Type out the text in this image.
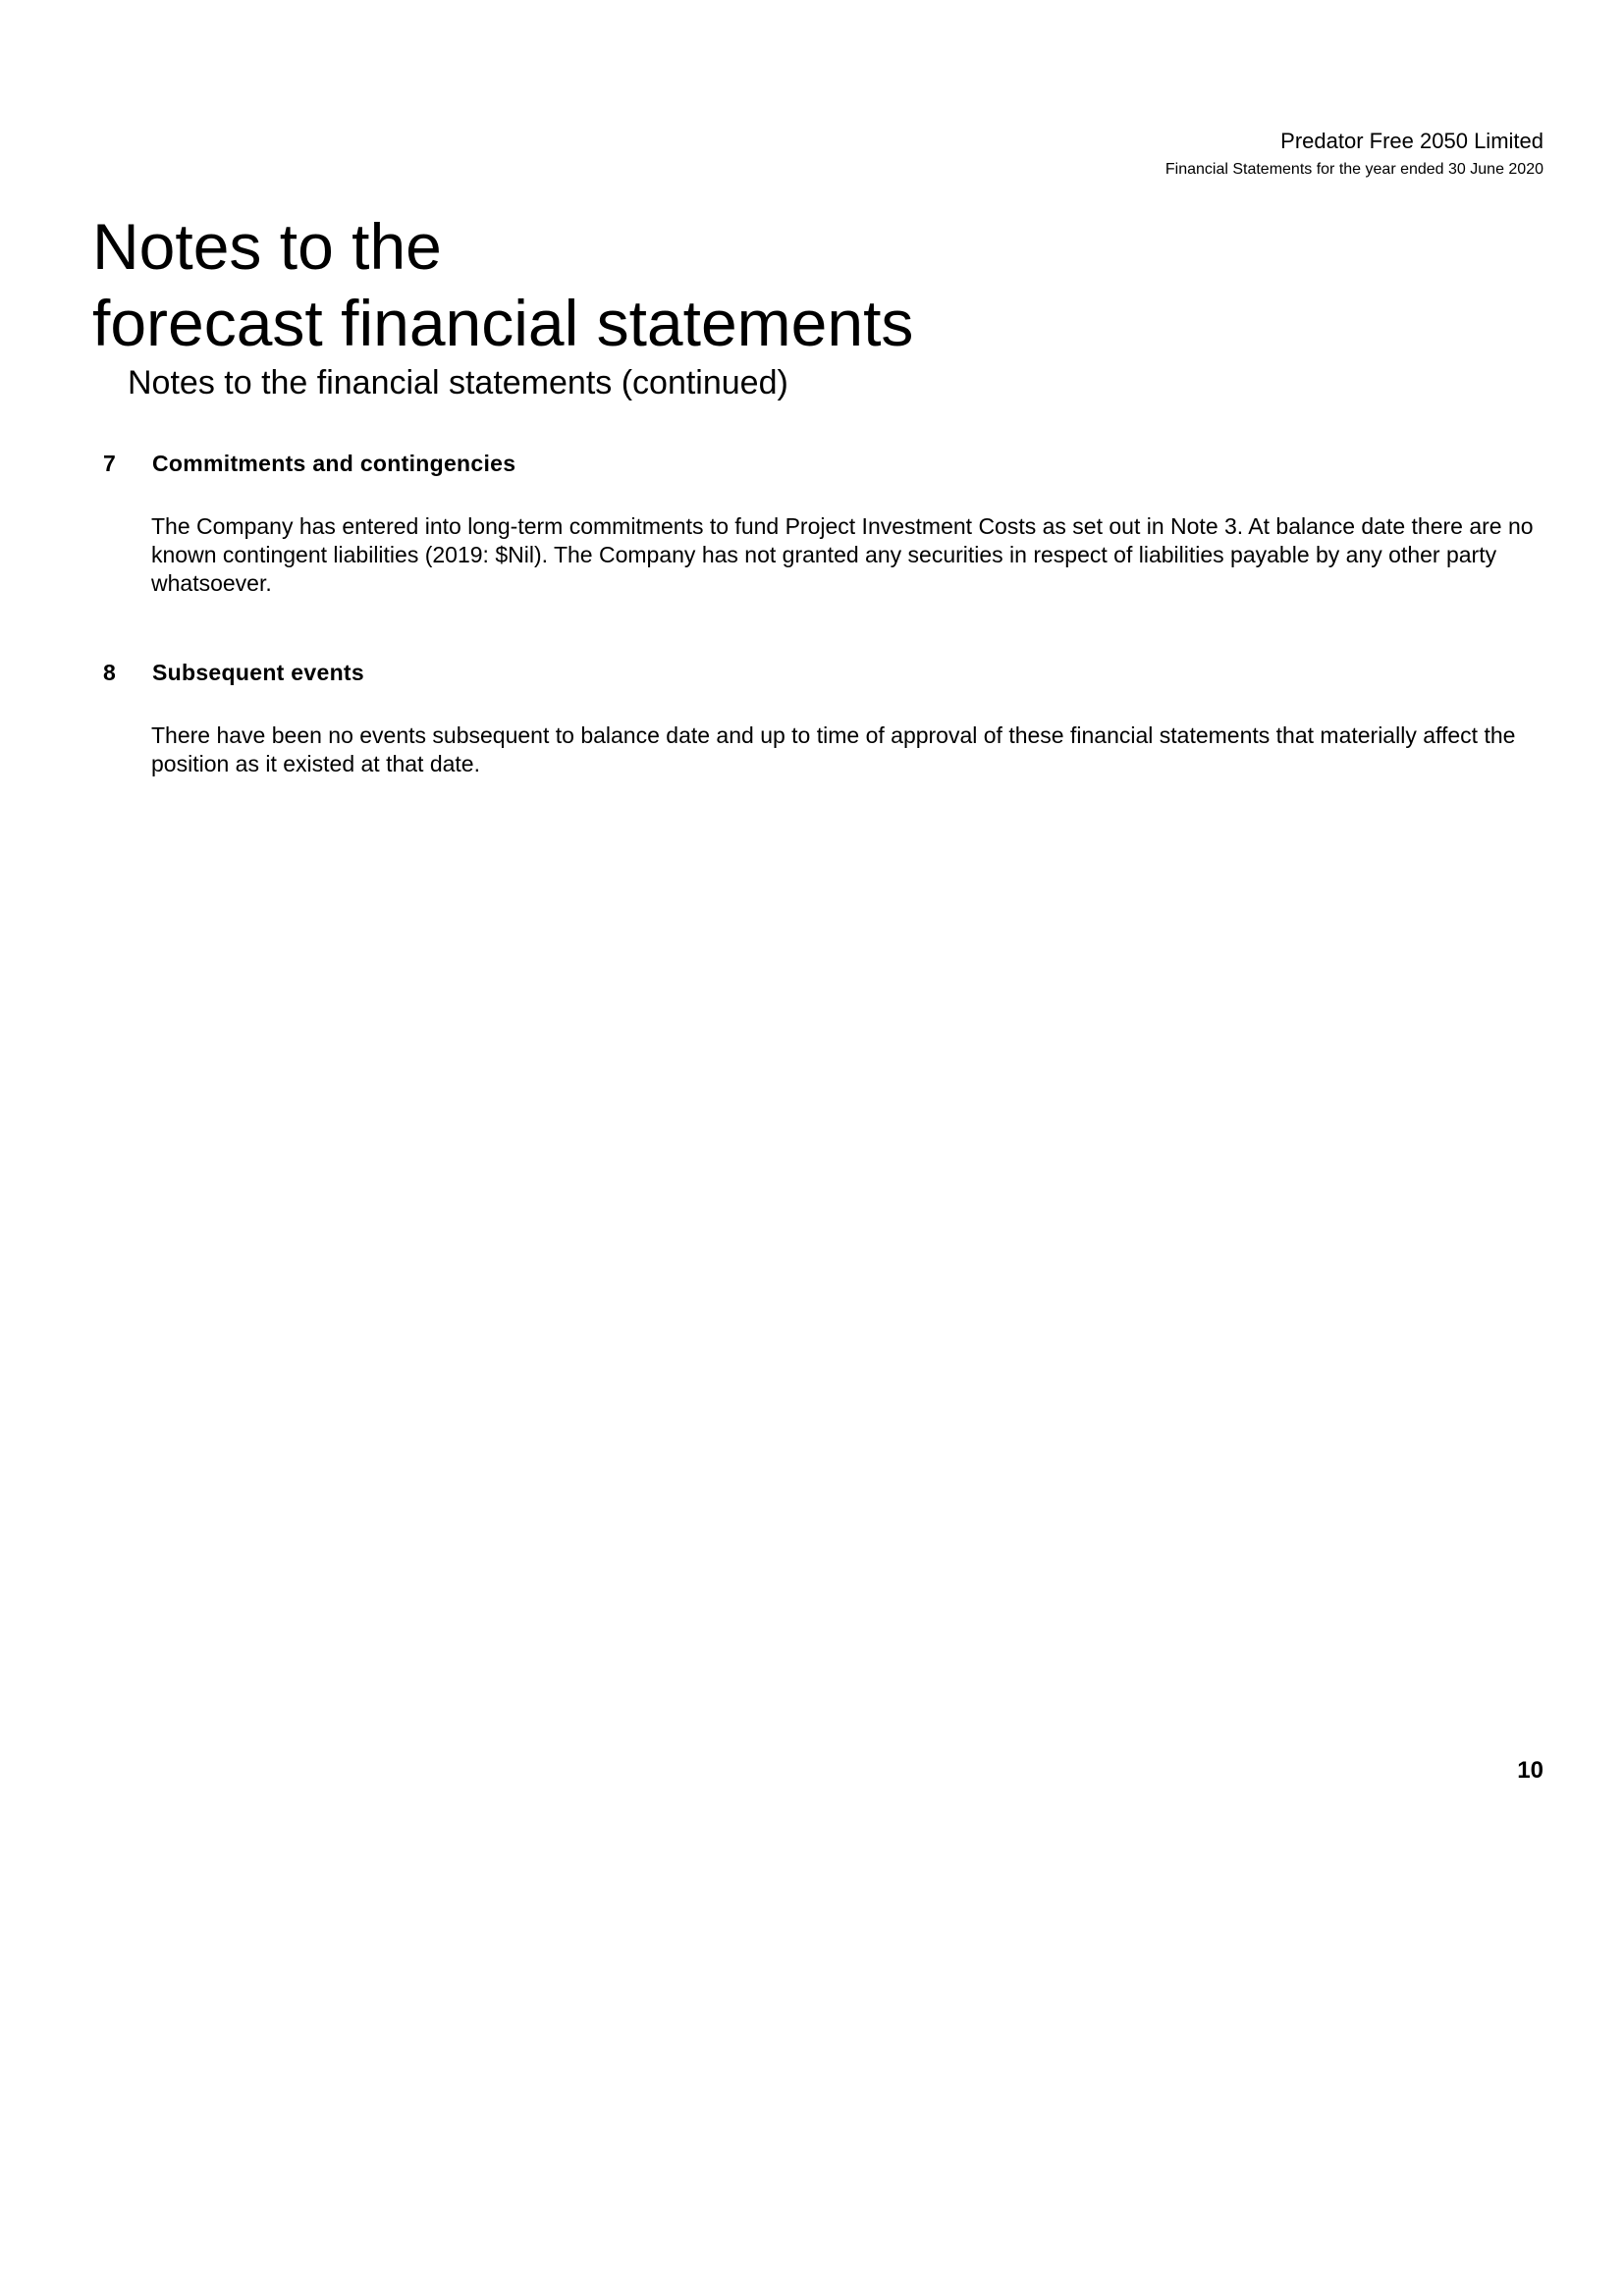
Predator Free 2050 Limited
Financial Statements for the year ended 30 June 2020
Notes to the
forecast financial statements
Notes to the financial statements (continued)
7	Commitments and contingencies
The Company has entered into long-term commitments to fund Project Investment Costs as set out in Note 3. At balance date there are no known contingent liabilities (2019: $Nil). The Company has not granted any securities in respect of liabilities payable by any other party whatsoever.
8	Subsequent events
There have been no events subsequent to balance date and up to time of approval of these financial statements that materially affect the position as it existed at that date.
10
